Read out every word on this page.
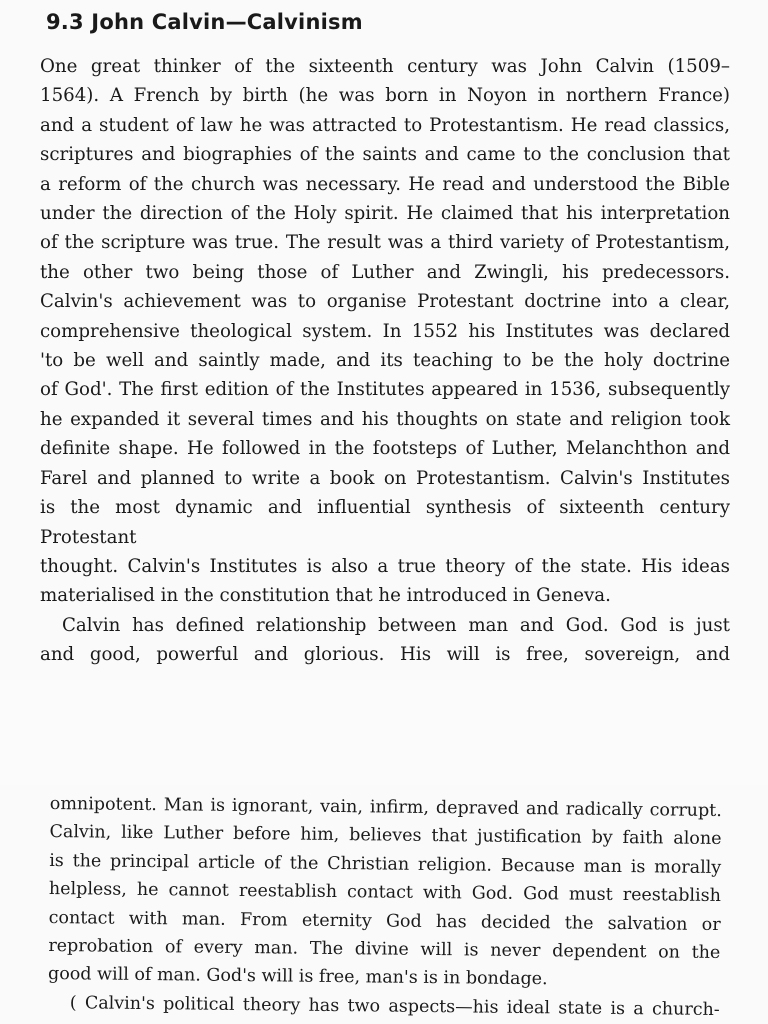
9.3 John Calvin—Calvinism
One great thinker of the sixteenth century was John Calvin (1509–
1564). A French by birth (he was born in Noyon in northern France)
and a student of law he was attracted to Protestantism. He read classics,
scriptures and biographies of the saints and came to the conclusion that
a reform of the church was necessary. He read and understood the Bible
under the direction of the Holy spirit. He claimed that his interpretation
of the scripture was true. The result was a third variety of Protestantism,
the other two being those of Luther and Zwingli, his predecessors.
Calvin's achievement was to organise Protestant doctrine into a clear,
comprehensive theological system. In 1552 his Institutes was declared
'to be well and saintly made, and its teaching to be the holy doctrine
of God'. The first edition of the Institutes appeared in 1536, subsequently
he expanded it several times and his thoughts on state and religion took
definite shape. He followed in the footsteps of Luther, Melanchthon and
Farel and planned to write a book on Protestantism. Calvin's Institutes
is the most dynamic and influential synthesis of sixteenth century Protestant
thought. Calvin's Institutes is also a true theory of the state. His ideas
materialised in the constitution that he introduced in Geneva.
Calvin has defined relationship between man and God. God is just
and good, powerful and glorious. His will is free, sovereign, and
omnipotent. Man is ignorant, vain, infirm, depraved and radically corrupt.
Calvin, like Luther before him, believes that justification by faith alone
is the principal article of the Christian religion. Because man is morally
helpless, he cannot reestablish contact with God. God must reestablish
contact with man. From eternity God has decided the salvation or
reprobation of every man. The divine will is never dependent on the
good will of man. God's will is free, man's is in bondage.
( Calvin's political theory has two aspects—his ideal state is a church-
